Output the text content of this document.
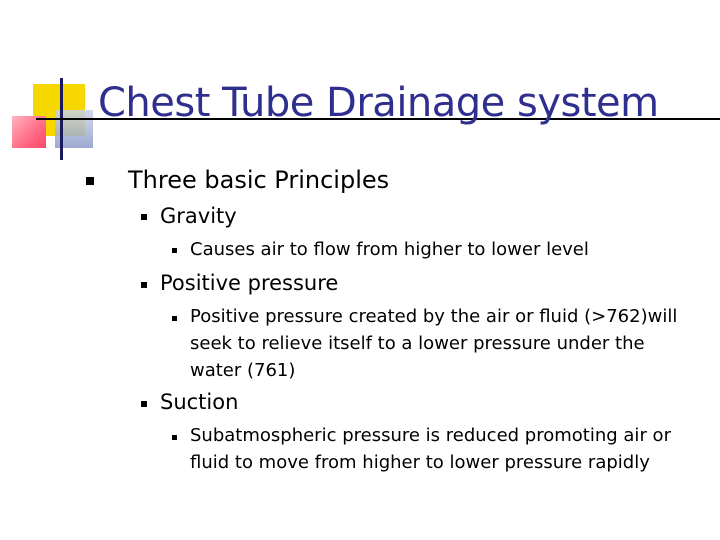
Chest Tube Drainage system

Three basic Principles

Gravity

Causes air to flow from higher to lower level

Positive pressure

Positive pressure created by the air or fluid (>762)will seek to relieve itself to a lower pressure under the water (761)

Suction

Subatmospheric pressure is reduced promoting air or fluid to move from higher to lower pressure rapidly
